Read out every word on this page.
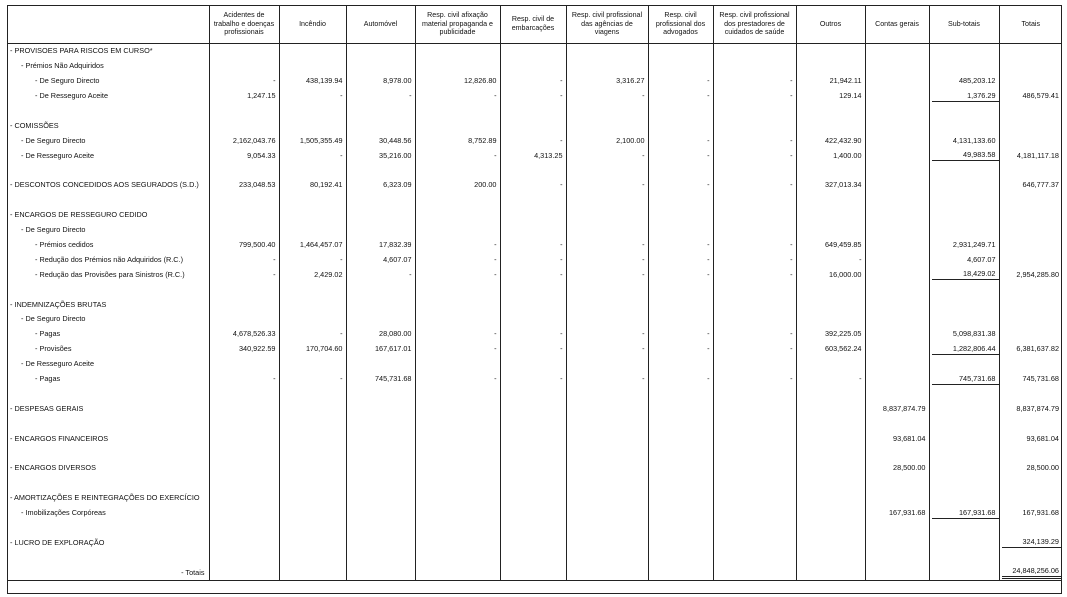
	Acidentes de trabalho e doenças profissionais	Incêndio	Automóvel	Resp. civil afixação material propaganda e publicidade	Resp. civil de embarcações	Resp. civil profissional das agências de viagens	Resp. civil profissional dos advogados	Resp. civil profissional dos prestadores de cuidados de saúde	Outros	Contas gerais	Sub-totais	Totais
- PROVISOES PARA RISCOS EM CURSO*												
- Prémios Não Adquiridos												
- De Seguro Directo	-	438,139.94	8,978.00	12,826.80	-	3,316.27	-	-	21,942.11		485,203.12	
- De Resseguro Aceite	1,247.15	-	-	-	-	-	-	-	129.14		1,376.29	486,579.41

- COMISSÕES												
- De Seguro Directo	2,162,043.76	1,505,355.49	30,448.56	8,752.89	-	2,100.00	-	-	422,432.90		4,131,133.60	
- De Resseguro Aceite	9,054.33	-	35,216.00	-	4,313.25	-	-	-	1,400.00		49,983.58	4,181,117.18

- DESCONTOS CONCEDIDOS AOS SEGURADOS (S.D.)	233,048.53	80,192.41	6,323.09	200.00	-	-	-	-	327,013.34			646,777.37

- ENCARGOS DE RESSEGURO CEDIDO												
- De Seguro Directo												
- Prémios cedidos	799,500.40	1,464,457.07	17,832.39	-	-	-	-	-	649,459.85		2,931,249.71	
- Redução dos Prémios não Adquiridos (R.C.)	-	-	4,607.07	-	-	-	-	-	-		4,607.07	
- Redução das Provisões para Sinistros (R.C.)	-	2,429.02	-	-	-	-	-	-	16,000.00		18,429.02	2,954,285.80

- INDEMNIZAÇÕES BRUTAS												
- De Seguro Directo												
- Pagas	4,678,526.33	-	28,080.00	-	-	-	-	-	392,225.05		5,098,831.38	
- Provisões	340,922.59	170,704.60	167,617.01	-	-	-	-	-	603,562.24		1,282,806.44	6,381,637.82
- De Resseguro Aceite												
- Pagas	-	-	745,731.68	-	-	-	-	-	-		745,731.68	745,731.68

- DESPESAS GERAIS										8,837,874.79		8,837,874.79

- ENCARGOS FINANCEIROS										93,681.04		93,681.04

- ENCARGOS DIVERSOS										28,500.00		28,500.00

- AMORTIZAÇÕES E REINTEGRAÇÕES DO EXERCÍCIO												
- Imobilizações Corpóreas										167,931.68	167,931.68	167,931.68

- LUCRO DE EXPLORAÇÃO												324,139.29

- Totais												24,848,256.06
